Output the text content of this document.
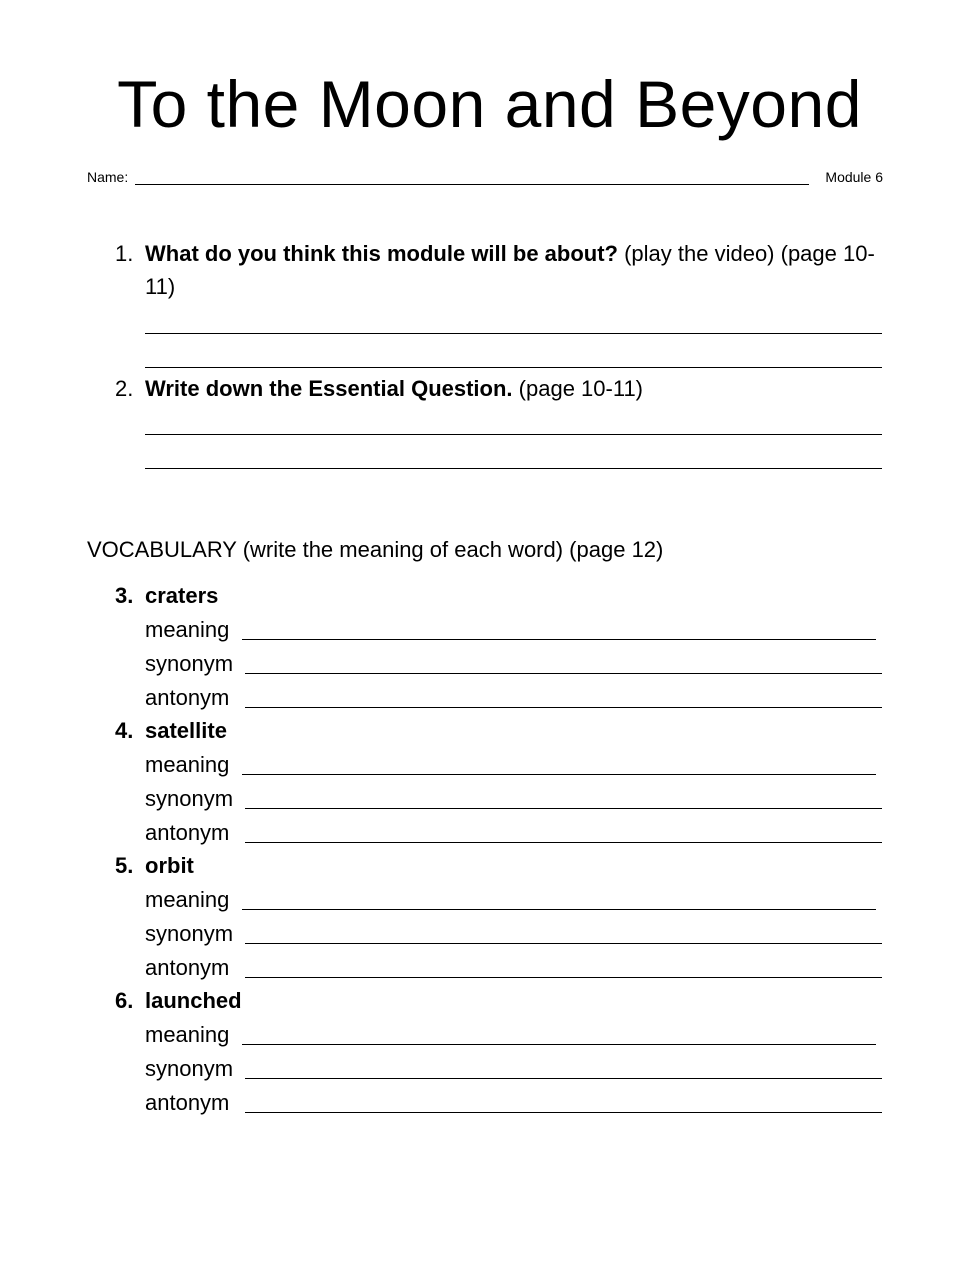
To the Moon and Beyond
Name:	Module 6
1. What do you think this module will be about? (play the video) (page 10-11)
2. Write down the Essential Question. (page 10-11)
VOCABULARY (write the meaning of each word) (page 12)
3. craters
meaning
synonym
antonym
4. satellite
meaning
synonym
antonym
5. orbit
meaning
synonym
antonym
6. launched
meaning
synonym
antonym
